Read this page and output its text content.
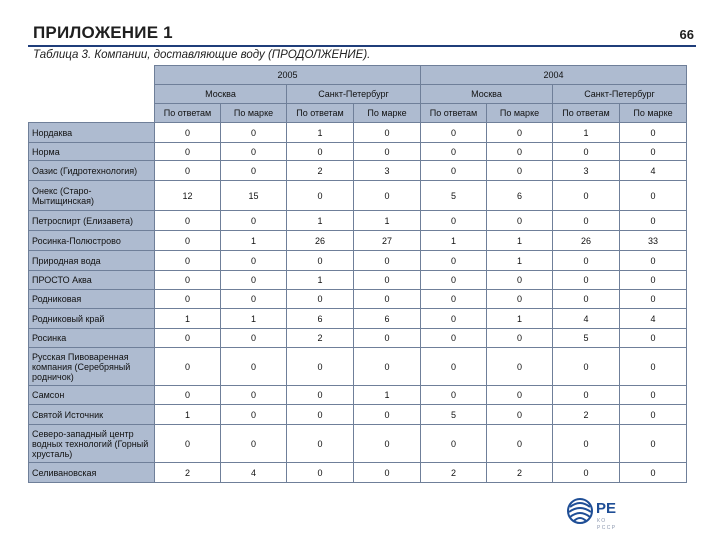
ПРИЛОЖЕНИЕ 1	66
Таблица 3. Компании, доставляющие воду (ПРОДОЛЖЕНИЕ).
	2005				2004			
	Москва		Санкт-Петербург		Москва		Санкт-Петербург	
	По ответам	По марке	По ответам	По марке	По ответам	По марке	По ответам	По марке
Нордаква	0	0	1	0	0	0	1	0
Норма	0	0	0	0	0	0	0	0
Оазис (Гидротехнология)	0	0	2	3	0	0	3	4
Онекс (Старо-Мытищинская)	12	15	0	0	5	6	0	0
Петроспирт (Елизавета)	0	0	1	1	0	0	0	0
Росинка-Полюстрово	0	1	26	27	1	1	26	33
Природная вода	0	0	0	0	0	1	0	0
ПРОСТО Аква	0	0	1	0	0	0	0	0
Родниковая	0	0	0	0	0	0	0	0
Родниковый край	1	1	6	6	0	1	4	4
Росинка	0	0	2	0	0	0	5	0
Русская Пивоваренная компания (Серебряный родничок)	0	0	0	0	0	0	0	0
Самсон	0	0	0	1	0	0	0	0
Святой Источник	1	0	0	0	5	0	2	0
Северо-западный центр водных технологий (Горный хрусталь)	0	0	0	0	0	0	0	0
Селивановская	2	4	0	0	2	2	0	0
РЕ
К О
Р С С Р
